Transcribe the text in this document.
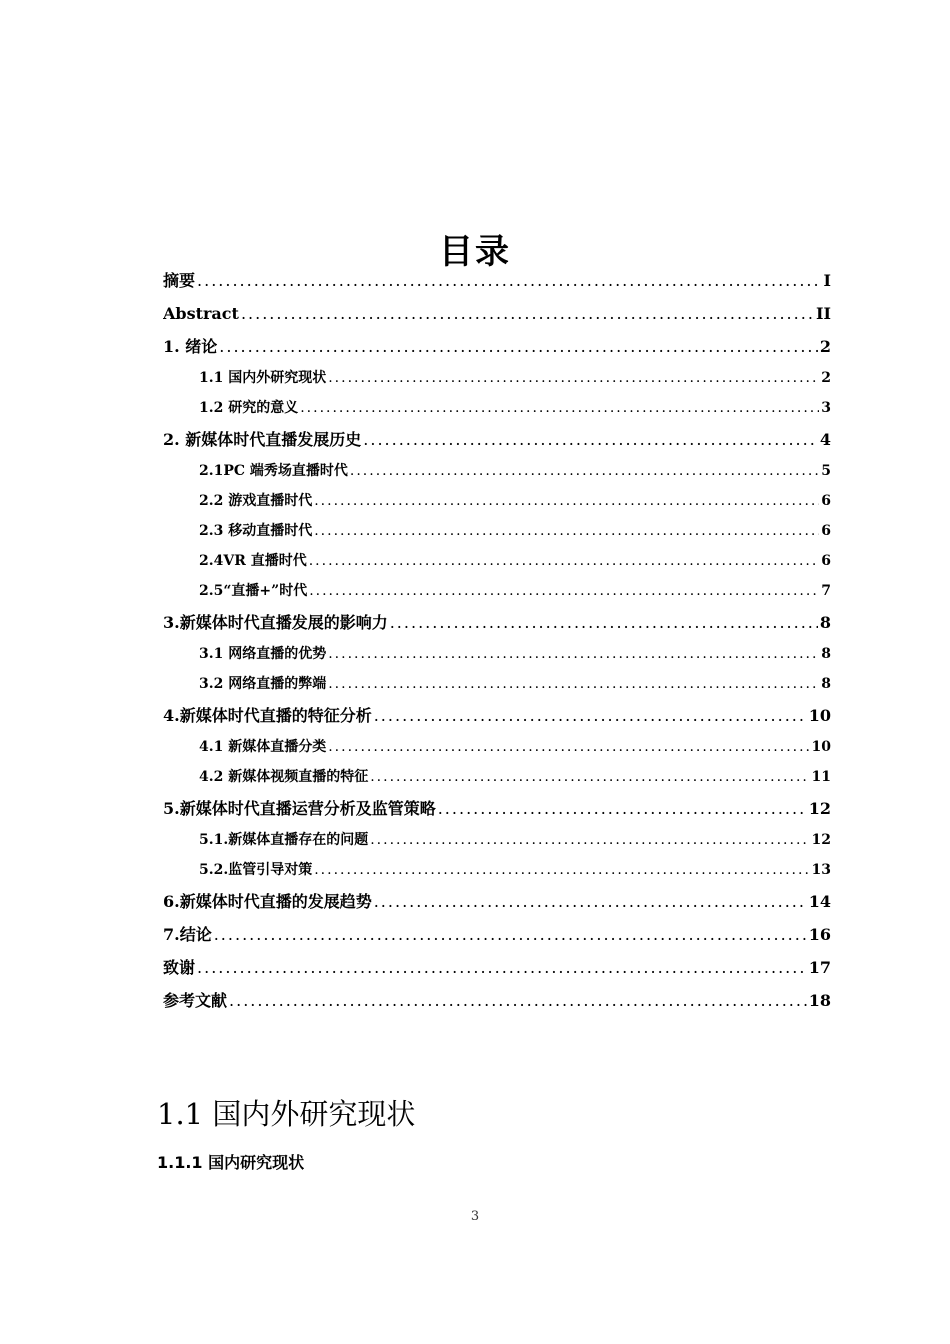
目录
摘要 .....	I
Abstract .....	II
1. 绪论 .....	2
1.1 国内外研究现状 .....	2
1.2 研究的意义 .....	3
2. 新媒体时代直播发展历史 .....	4
2.1PC 端秀场直播时代 .....	5
2.2 游戏直播时代 .....	6
2.3 移动直播时代 .....	6
2.4VR 直播时代 .....	6
2.5“直播+”时代 .....	7
3.新媒体时代直播发展的影响力 .....	8
3.1 网络直播的优势 .....	8
3.2 网络直播的弊端 .....	8
4.新媒体时代直播的特征分析 .....	10
4.1 新媒体直播分类 .....	10
4.2 新媒体视频直播的特征 .....	11
5.新媒体时代直播运营分析及监管策略 .....	12
5.1.新媒体直播存在的问题 .....	12
5.2.监管引导对策 .....	13
6.新媒体时代直播的发展趋势 .....	14
7.结论 .....	16
致谢 .....	17
参考文献 .....	18
1.1 国内外研究现状
1.1.1 国内研究现状
3
